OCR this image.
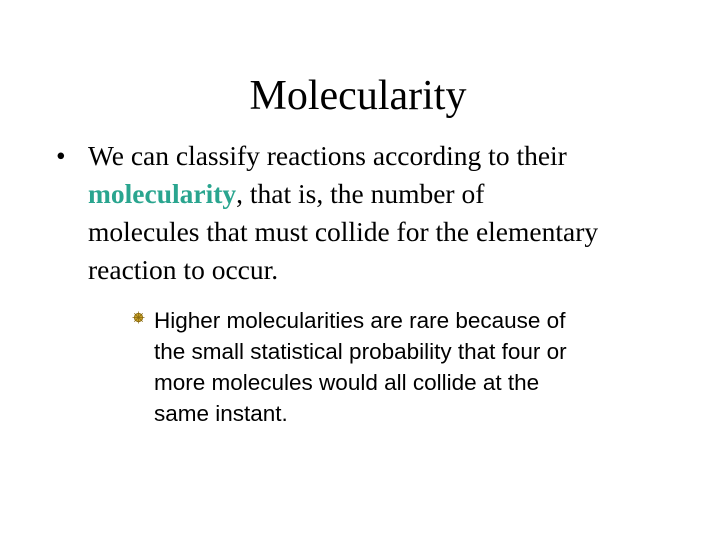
Molecularity
• We can classify reactions according to their
molecularity, that is, the number of
molecules that must collide for the elementary
reaction to occur.
Higher molecularities are rare because of
the small statistical probability that four or
more molecules would all collide at the
same instant.
